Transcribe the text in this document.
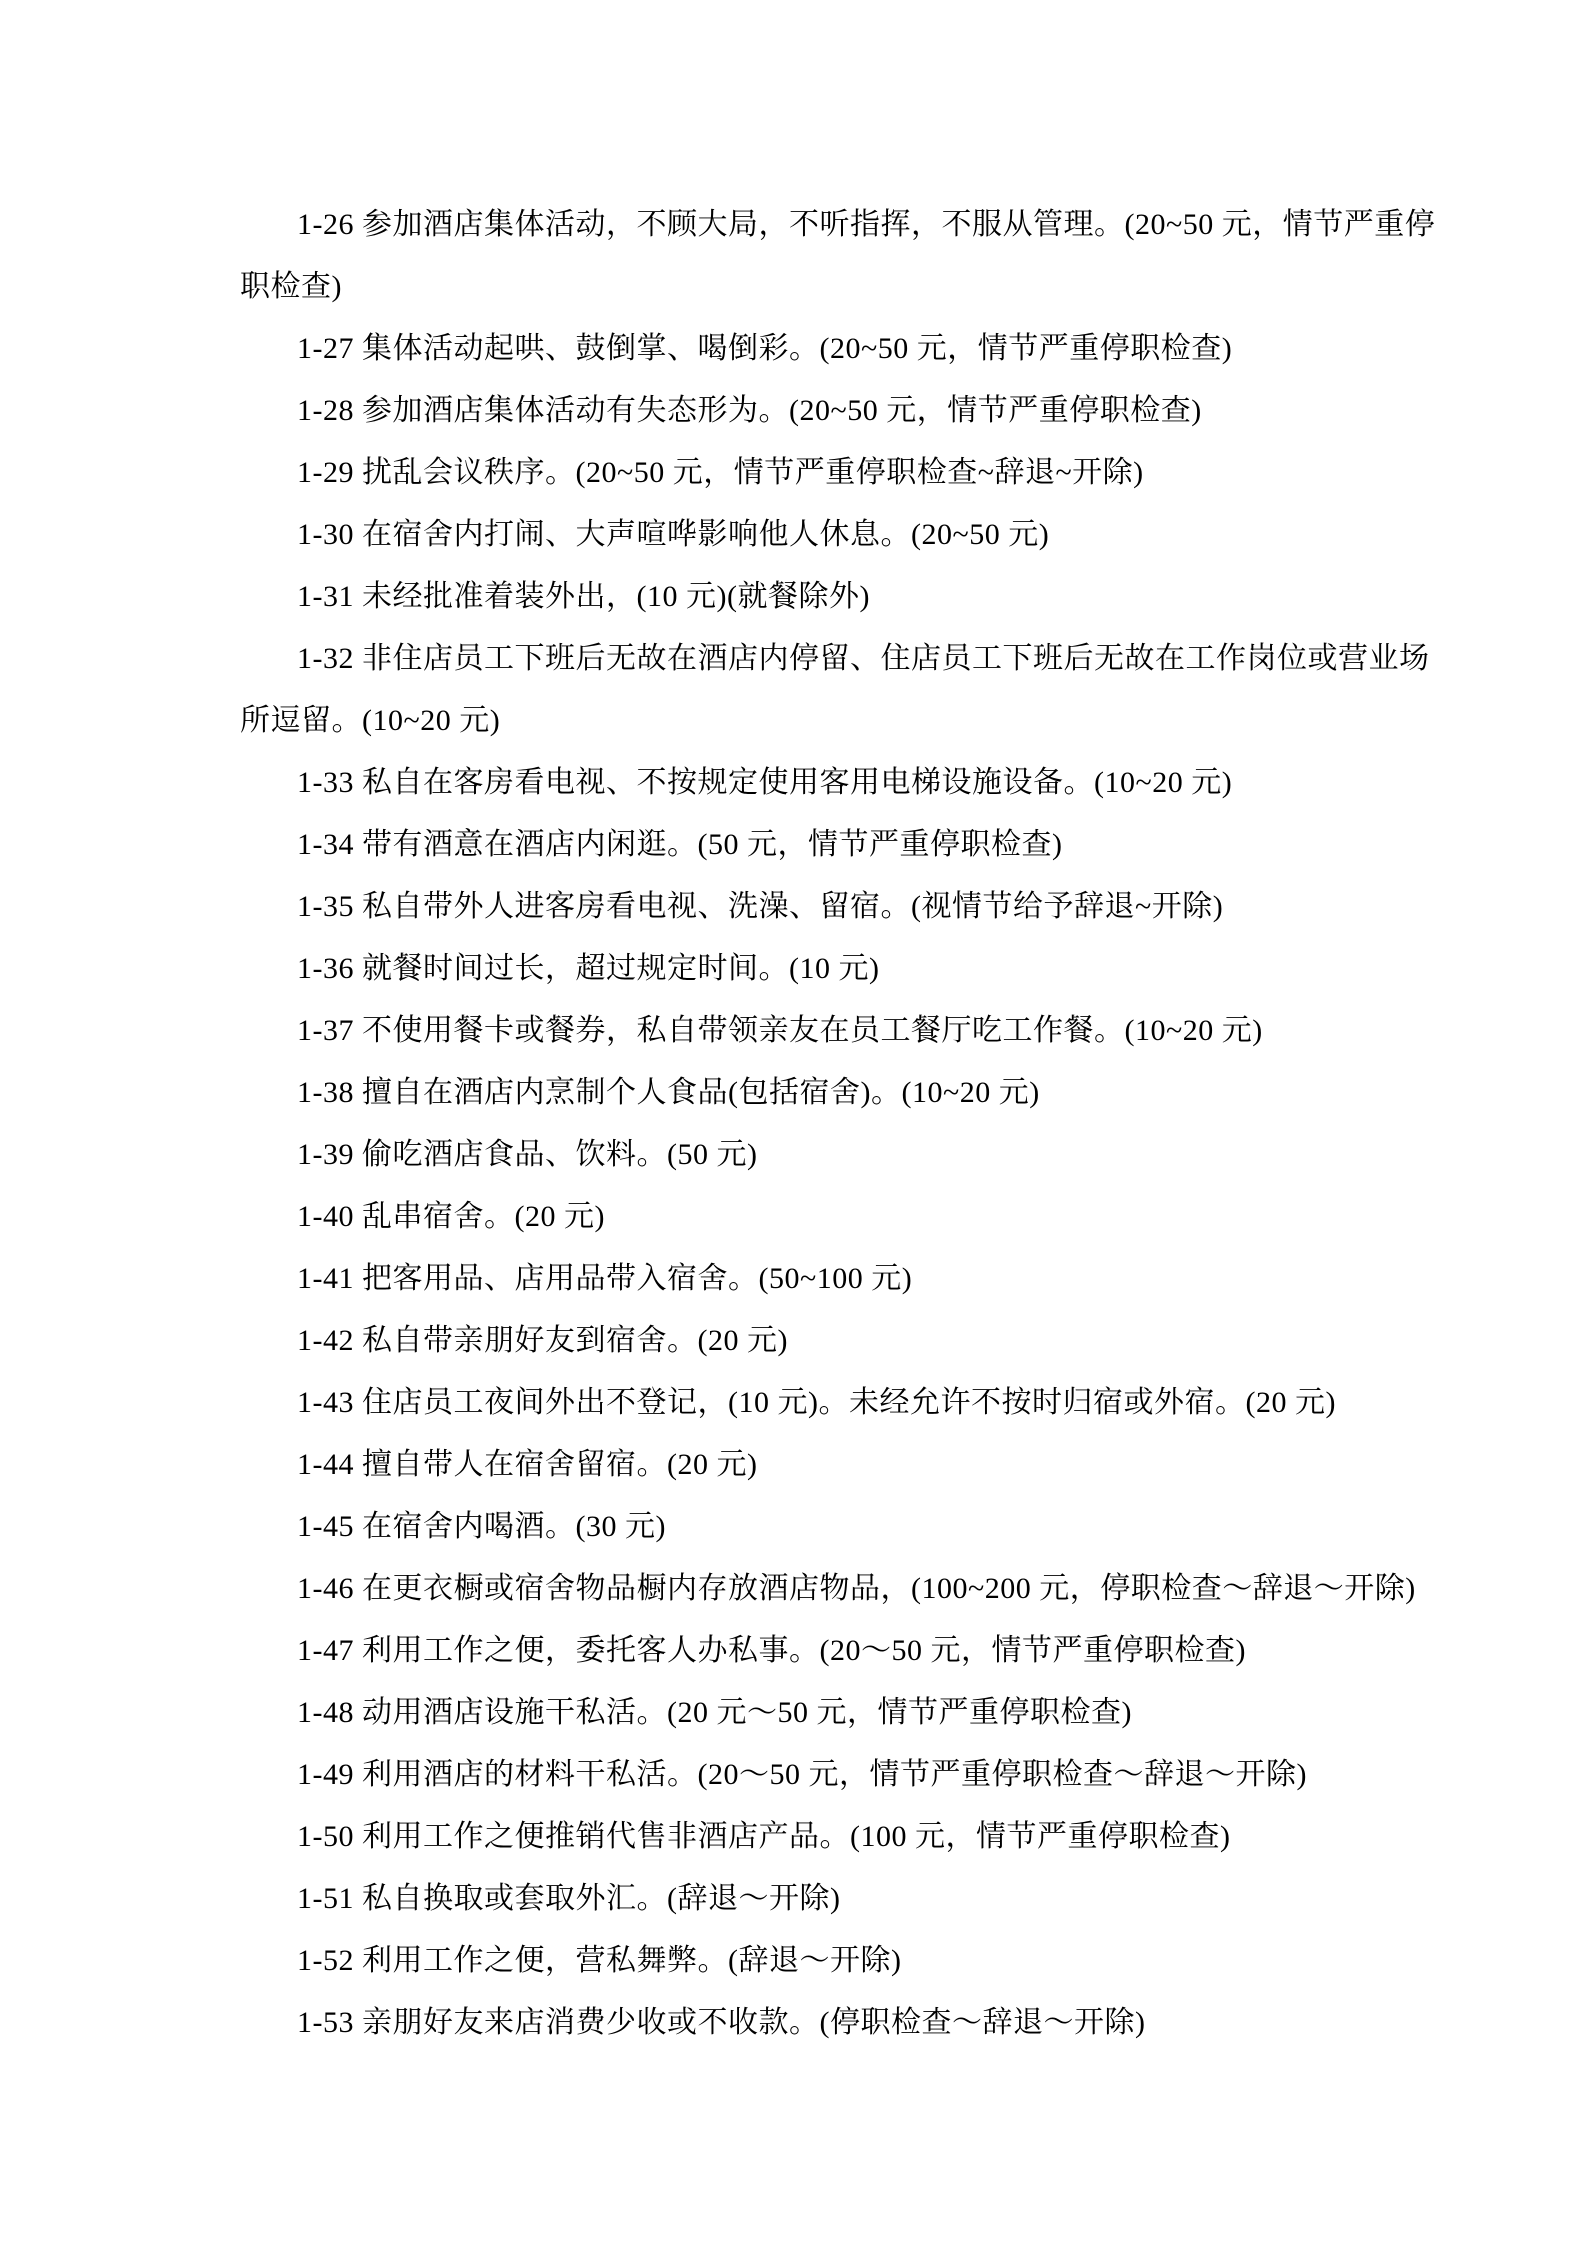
1-26 参加酒店集体活动，不顾大局，不听指挥，不服从管理。(20~50 元，情节严重停

职检查)

1-27 集体活动起哄、鼓倒掌、喝倒彩。(20~50 元，情节严重停职检查)

1-28 参加酒店集体活动有失态形为。(20~50 元，情节严重停职检查)

1-29 扰乱会议秩序。(20~50 元，情节严重停职检查~辞退~开除)

1-30 在宿舍内打闹、大声喧哗影响他人休息。(20~50 元)

1-31 未经批准着装外出，(10 元)(就餐除外)

1-32 非住店员工下班后无故在酒店内停留、住店员工下班后无故在工作岗位或营业场

所逗留。(10~20 元)

1-33 私自在客房看电视、不按规定使用客用电梯设施设备。(10~20 元)

1-34 带有酒意在酒店内闲逛。(50 元，情节严重停职检查)

1-35 私自带外人进客房看电视、洗澡、留宿。(视情节给予辞退~开除)

1-36 就餐时间过长，超过规定时间。(10 元)

1-37 不使用餐卡或餐券，私自带领亲友在员工餐厅吃工作餐。(10~20 元)

1-38 擅自在酒店内烹制个人食品(包括宿舍)。(10~20 元)

1-39 偷吃酒店食品、饮料。(50 元)

1-40 乱串宿舍。(20 元)

1-41 把客用品、店用品带入宿舍。(50~100 元)

1-42 私自带亲朋好友到宿舍。(20 元)

1-43 住店员工夜间外出不登记，(10 元)。未经允许不按时归宿或外宿。(20 元)

1-44 擅自带人在宿舍留宿。(20 元)

1-45 在宿舍内喝酒。(30 元)

1-46 在更衣橱或宿舍物品橱内存放酒店物品，(100~200 元，停职检查～辞退～开除)

1-47 利用工作之便，委托客人办私事。(20～50 元，情节严重停职检查)

1-48 动用酒店设施干私活。(20 元～50 元，情节严重停职检查)

1-49 利用酒店的材料干私活。(20～50 元，情节严重停职检查～辞退～开除)

1-50 利用工作之便推销代售非酒店产品。(100 元，情节严重停职检查)

1-51 私自换取或套取外汇。(辞退～开除)

1-52 利用工作之便，营私舞弊。(辞退～开除)

1-53 亲朋好友来店消费少收或不收款。(停职检查～辞退～开除)
